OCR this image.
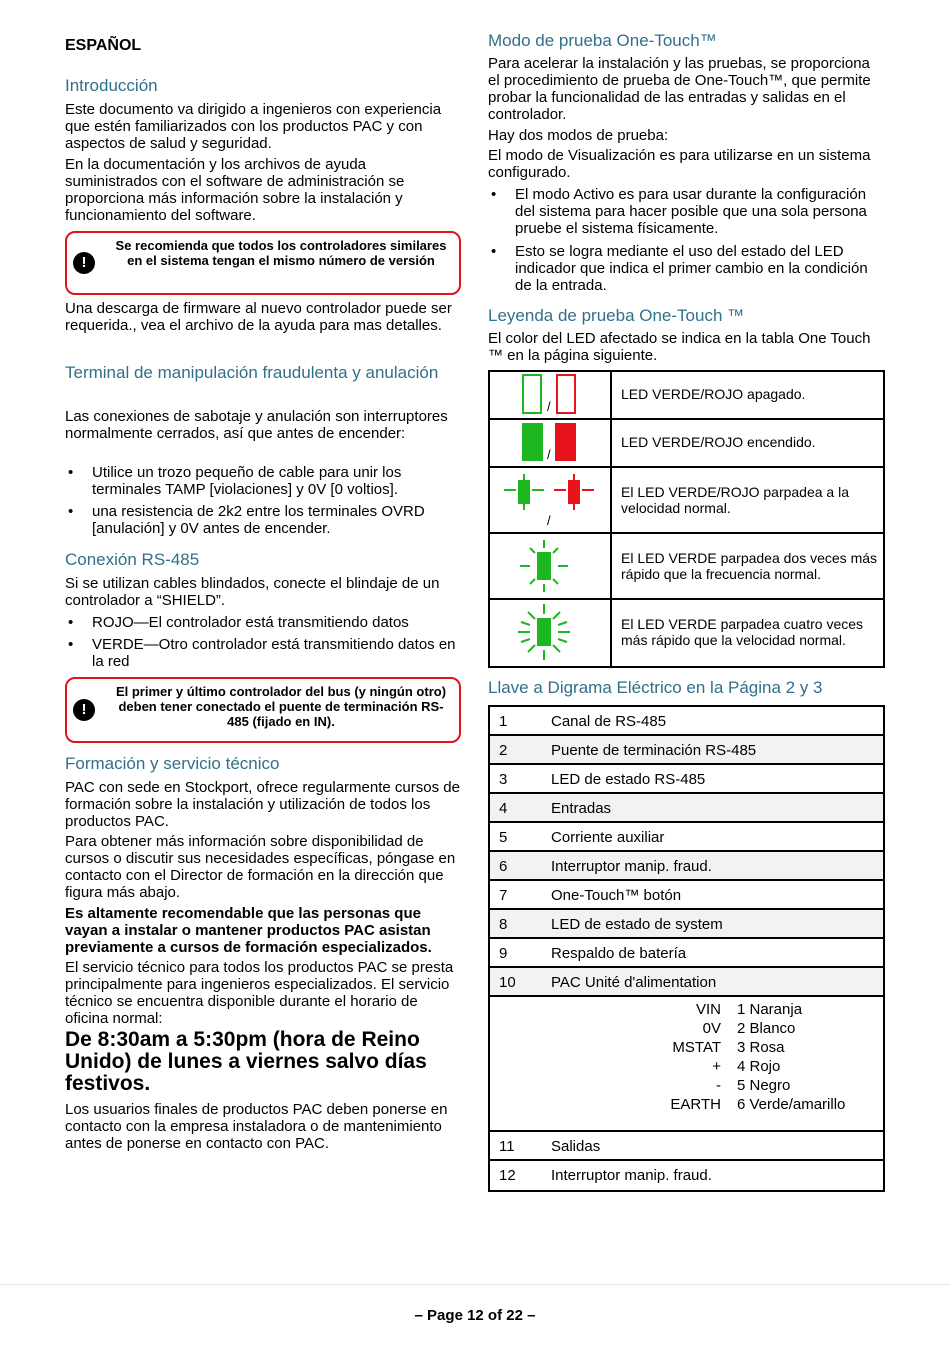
ESPAÑOL
Introducción
Este documento va dirigido a ingenieros con experiencia que estén familiarizados con los productos PAC y con aspectos de salud y seguridad.
En la documentación y los archivos de ayuda suministrados con el software de administración se proporciona más información sobre la instalación y funcionamiento del software.
!
Se recomienda que todos los controladores similares en el sistema tengan el mismo número de versión
Una descarga de firmware al nuevo controlador puede ser requerida., vea el archivo de la ayuda para mas detalles.
Terminal de manipulación fraudulenta y anulación
Las conexiones de sabotaje y anulación son interruptores normalmente cerrados, así que antes de encender:
• Utilice un trozo pequeño de cable para unir los terminales TAMP [violaciones] y 0V [0 voltios].
• una resistencia de 2k2 entre los terminales OVRD [anulación] y 0V antes de encender.
Conexión RS-485
Si se utilizan cables blindados, conecte el blindaje de un controlador a “SHIELD”.
• ROJO—El controlador está transmitiendo datos
• VERDE—Otro controlador está transmitiendo datos en la red
!
El primer y último controlador del bus (y ningún otro) deben tener conectado el puente de terminación RS-485 (fijado en IN).
Formación y servicio técnico
PAC con sede en Stockport, ofrece regularmente cursos de formación sobre la instalación y utilización de todos los productos PAC.
Para obtener más información sobre disponibilidad de cursos o discutir sus necesidades específicas, póngase en contacto con el Director de formación en la dirección que figura más abajo.
Es altamente recomendable que las personas que vayan a instalar o mantener productos PAC asistan previamente a cursos de formación especializados.
El servicio técnico para todos los productos PAC se presta principalmente para ingenieros especializados. El servicio técnico se encuentra disponible durante el horario de oficina normal:
De 8:30am a 5:30pm (hora de Reino Unido) de lunes a viernes salvo días festivos.
Los usuarios finales de productos PAC deben ponerse en contacto con la empresa instaladora o de mantenimiento antes de ponerse en contacto con PAC.
Modo de prueba One-Touch™
Para acelerar la instalación y las pruebas, se proporciona el procedimiento de prueba de One-Touch™, que permite probar la funcionalidad de las entradas y salidas en el controlador.
Hay dos modos de prueba:
El modo de Visualización es para utilizarse en un sistema configurado.
• El modo Activo es para usar durante la configuración del sistema para hacer posible que una sola persona pruebe el sistema físicamente.
• Esto se logra mediante el uso del estado del LED indicador que indica el primer cambio en la condición de la entrada.
Leyenda de prueba One-Touch ™
El color del LED afectado se indica en la tabla One Touch ™ en la página siguiente.
/
LED VERDE/ROJO apagado.
/
LED VERDE/ROJO encendido.
/
El LED VERDE/ROJO parpadea a la velocidad normal.
El LED VERDE parpadea dos veces más rápido que la frecuencia normal.
El LED VERDE parpadea cuatro veces más rápido que la velocidad normal.
Llave a Digrama Eléctrico en la Página 2 y 3
1	Canal de RS-485
2	Puente de terminación RS-485
3	LED de estado RS-485
4	Entradas
5	Corriente auxiliar
6	Interruptor manip. fraud.
7	One-Touch™ botón
8	LED de estado de system
9	Respaldo de batería
10 PAC Unité d'alimentation
VIN 1 Naranja
0V 2 Blanco
MSTAT 3 Rosa
+ 4 Rojo
- 5 Negro
EARTH 6 Verde/amarillo
11 Salidas
12 Interruptor manip. fraud.
– Page 12 of 22 –
